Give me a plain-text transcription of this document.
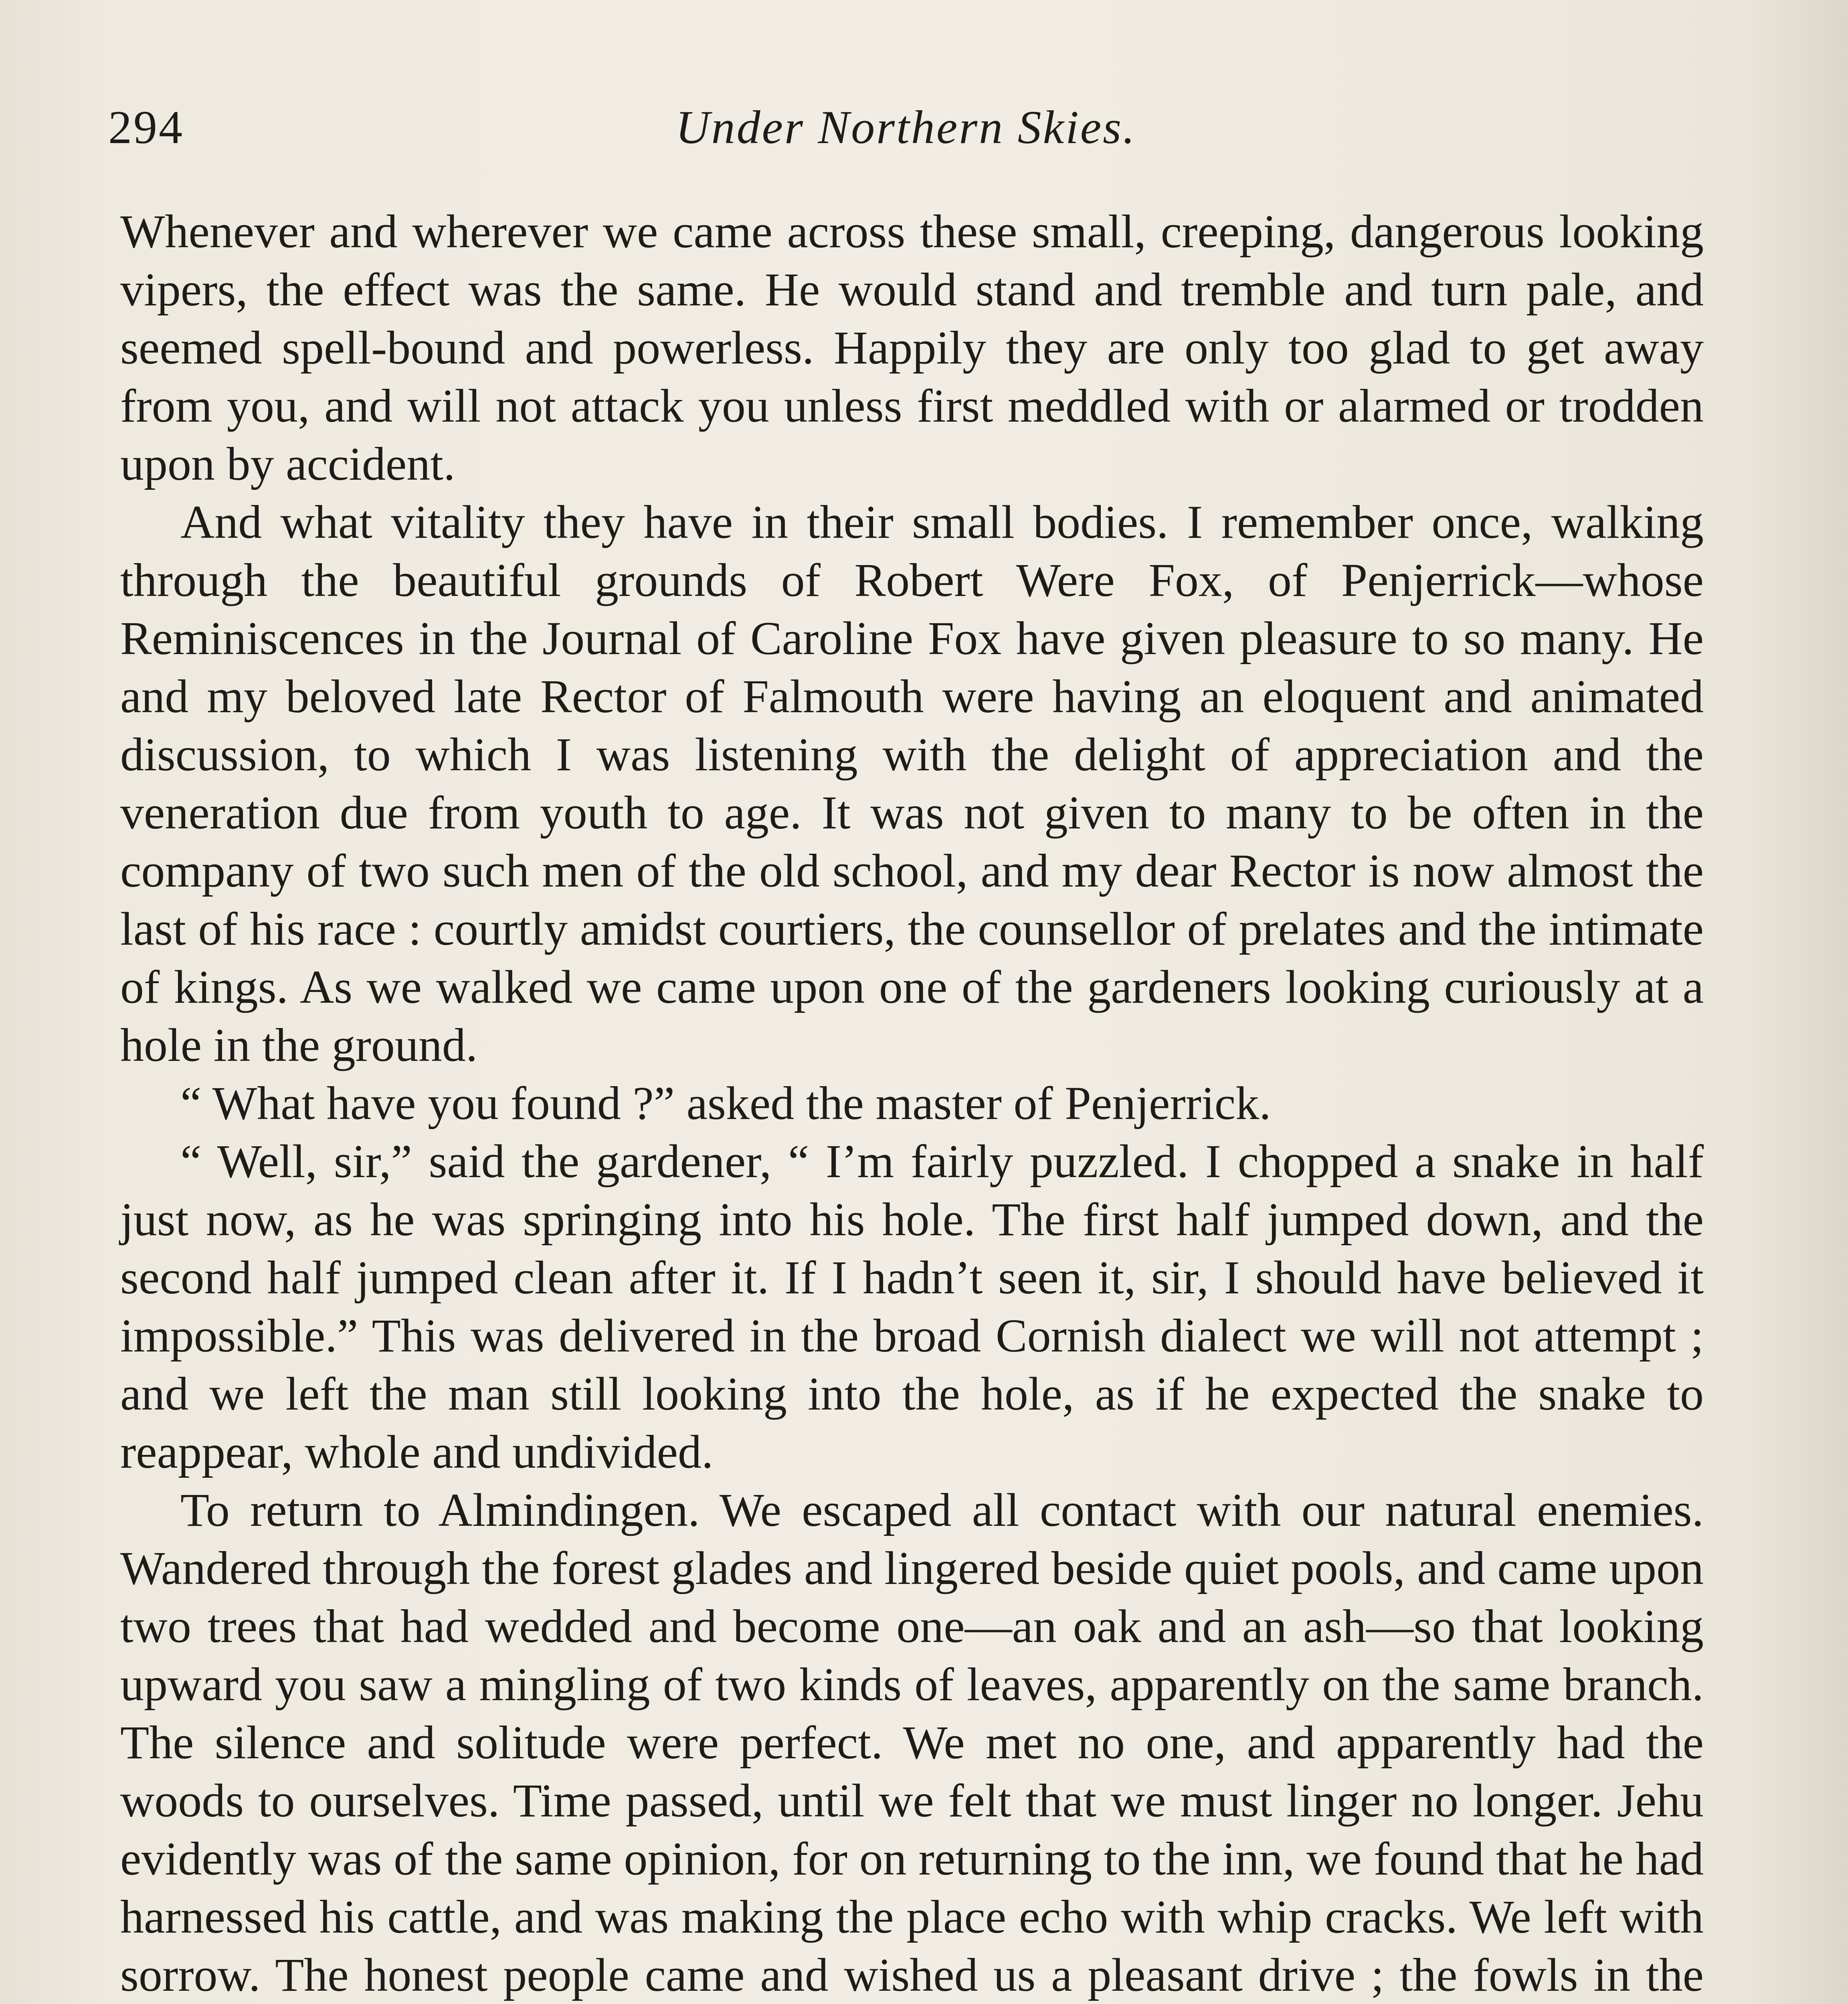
294	Under Northern Skies.

Whenever and wherever we came across these small, creeping, dangerous looking vipers, the effect was the same. He would stand and tremble and turn pale, and seemed spell-bound and powerless. Happily they are only too glad to get away from you, and will not attack you unless first meddled with or alarmed or trodden upon by accident.

And what vitality they have in their small bodies. I remember once, walking through the beautiful grounds of Robert Were Fox, of Penjerrick—whose Reminiscences in the Journal of Caroline Fox have given pleasure to so many. He and my beloved late Rector of Falmouth were having an eloquent and animated discussion, to which I was listening with the delight of appreciation and the veneration due from youth to age. It was not given to many to be often in the company of two such men of the old school, and my dear Rector is now almost the last of his race : courtly amidst courtiers, the counsellor of prelates and the intimate of kings. As we walked we came upon one of the gardeners looking curiously at a hole in the ground.

“ What have you found ?” asked the master of Penjerrick.

“ Well, sir,” said the gardener, “ I’m fairly puzzled. I chopped a snake in half just now, as he was springing into his hole. The first half jumped down, and the second half jumped clean after it. If I hadn’t seen it, sir, I should have believed it impossible.” This was delivered in the broad Cornish dialect we will not attempt ; and we left the man still looking into the hole, as if he expected the snake to reappear, whole and undivided.

To return to Almindingen. We escaped all contact with our natural enemies. Wandered through the forest glades and lingered beside quiet pools, and came upon two trees that had wedded and become one—an oak and an ash—so that looking upward you saw a mingling of two kinds of leaves, apparently on the same branch. The silence and solitude were perfect. We met no one, and apparently had the woods to ourselves. Time passed, until we felt that we must linger no longer. Jehu evidently was of the same opinion, for on returning to the inn, we found that he had harnessed his cattle, and was making the place echo with whip cracks. We left with sorrow. The honest people came and wished us a pleasant drive ; the fowls in the
